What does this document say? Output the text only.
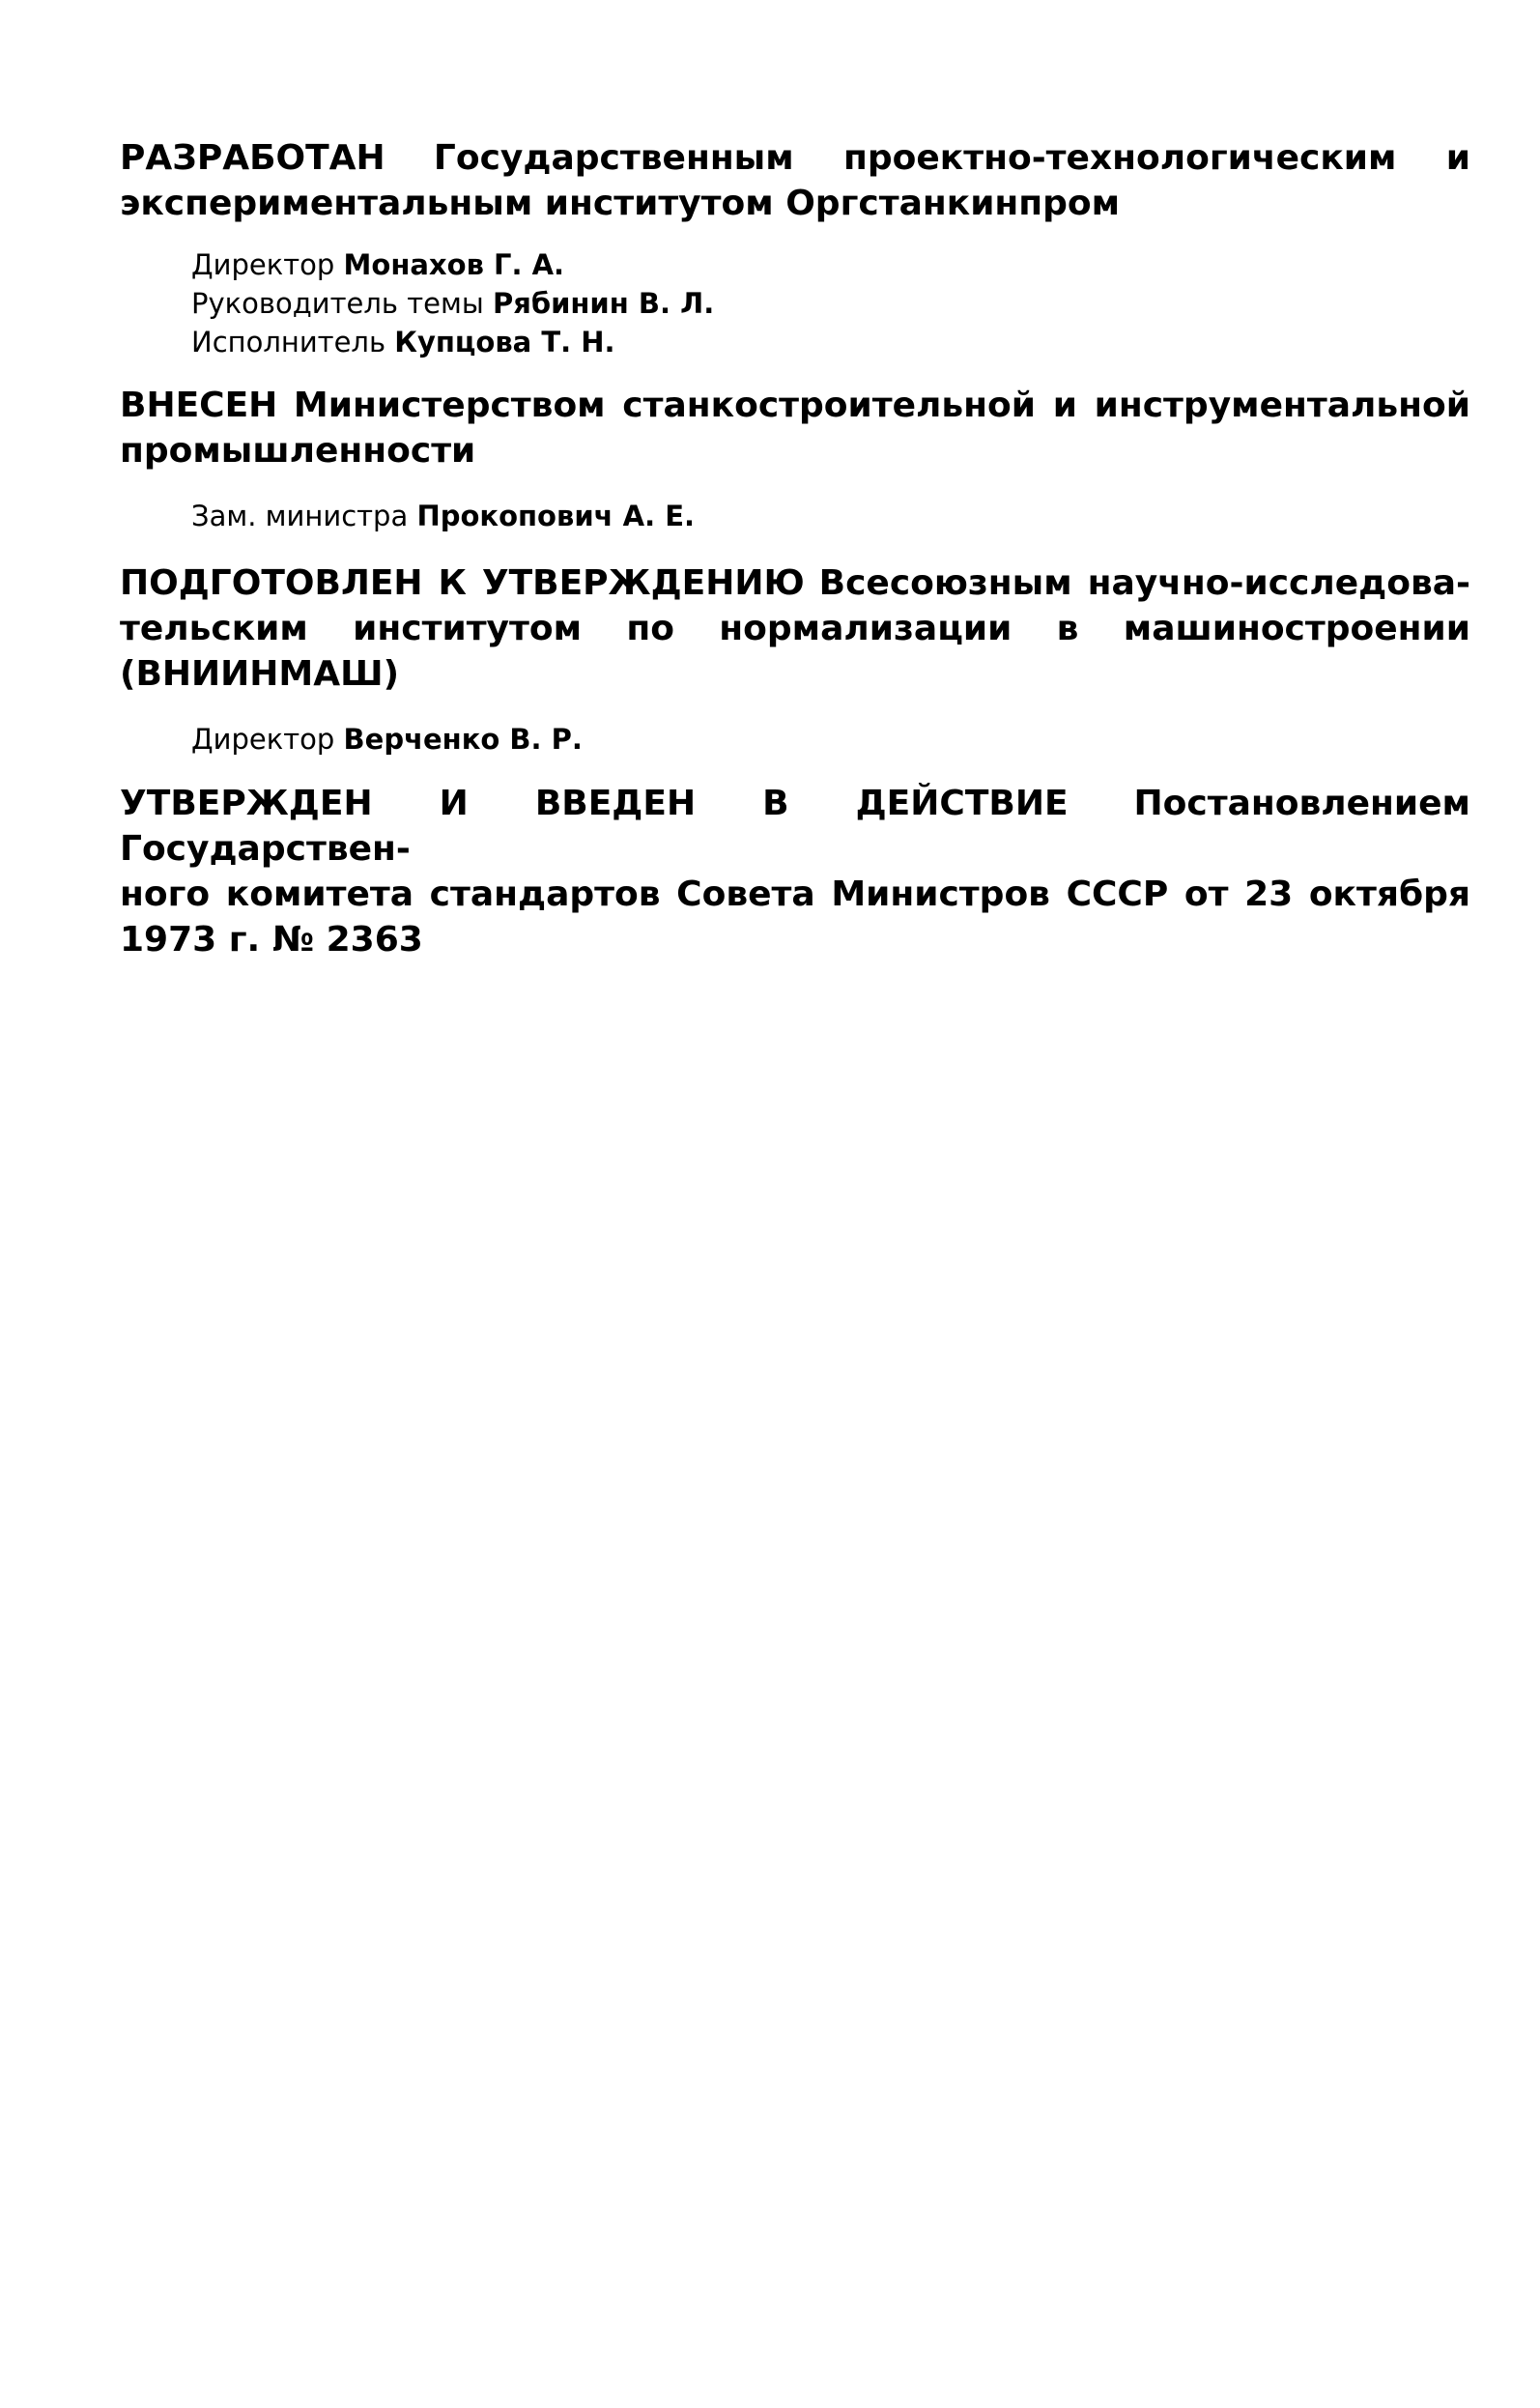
РАЗРАБОТАН Государственным проектно-технологическим и
экспериментальным институтом Оргстанкинпром

Директор Монахов Г. А.

Руководитель темы Рябинин В. Л.

Исполнитель Купцова Т. Н.

ВНЕСЕН Министерством станкостроительной и инструментальной
промышленности

Зам. министра Прокопович А. Е.

ПОДГОТОВЛЕН К УТВЕРЖДЕНИЮ Всесоюзным научно-исследова-
тельским институтом по нормализации в машиностроении
(ВНИИНМАШ)

Директор Верченко В. Р.

УТВЕРЖДЕН И ВВЕДЕН В ДЕЙСТВИЕ Постановлением Государствен-
ного комитета стандартов Совета Министров СССР от 23 октября
1973 г. № 2363
